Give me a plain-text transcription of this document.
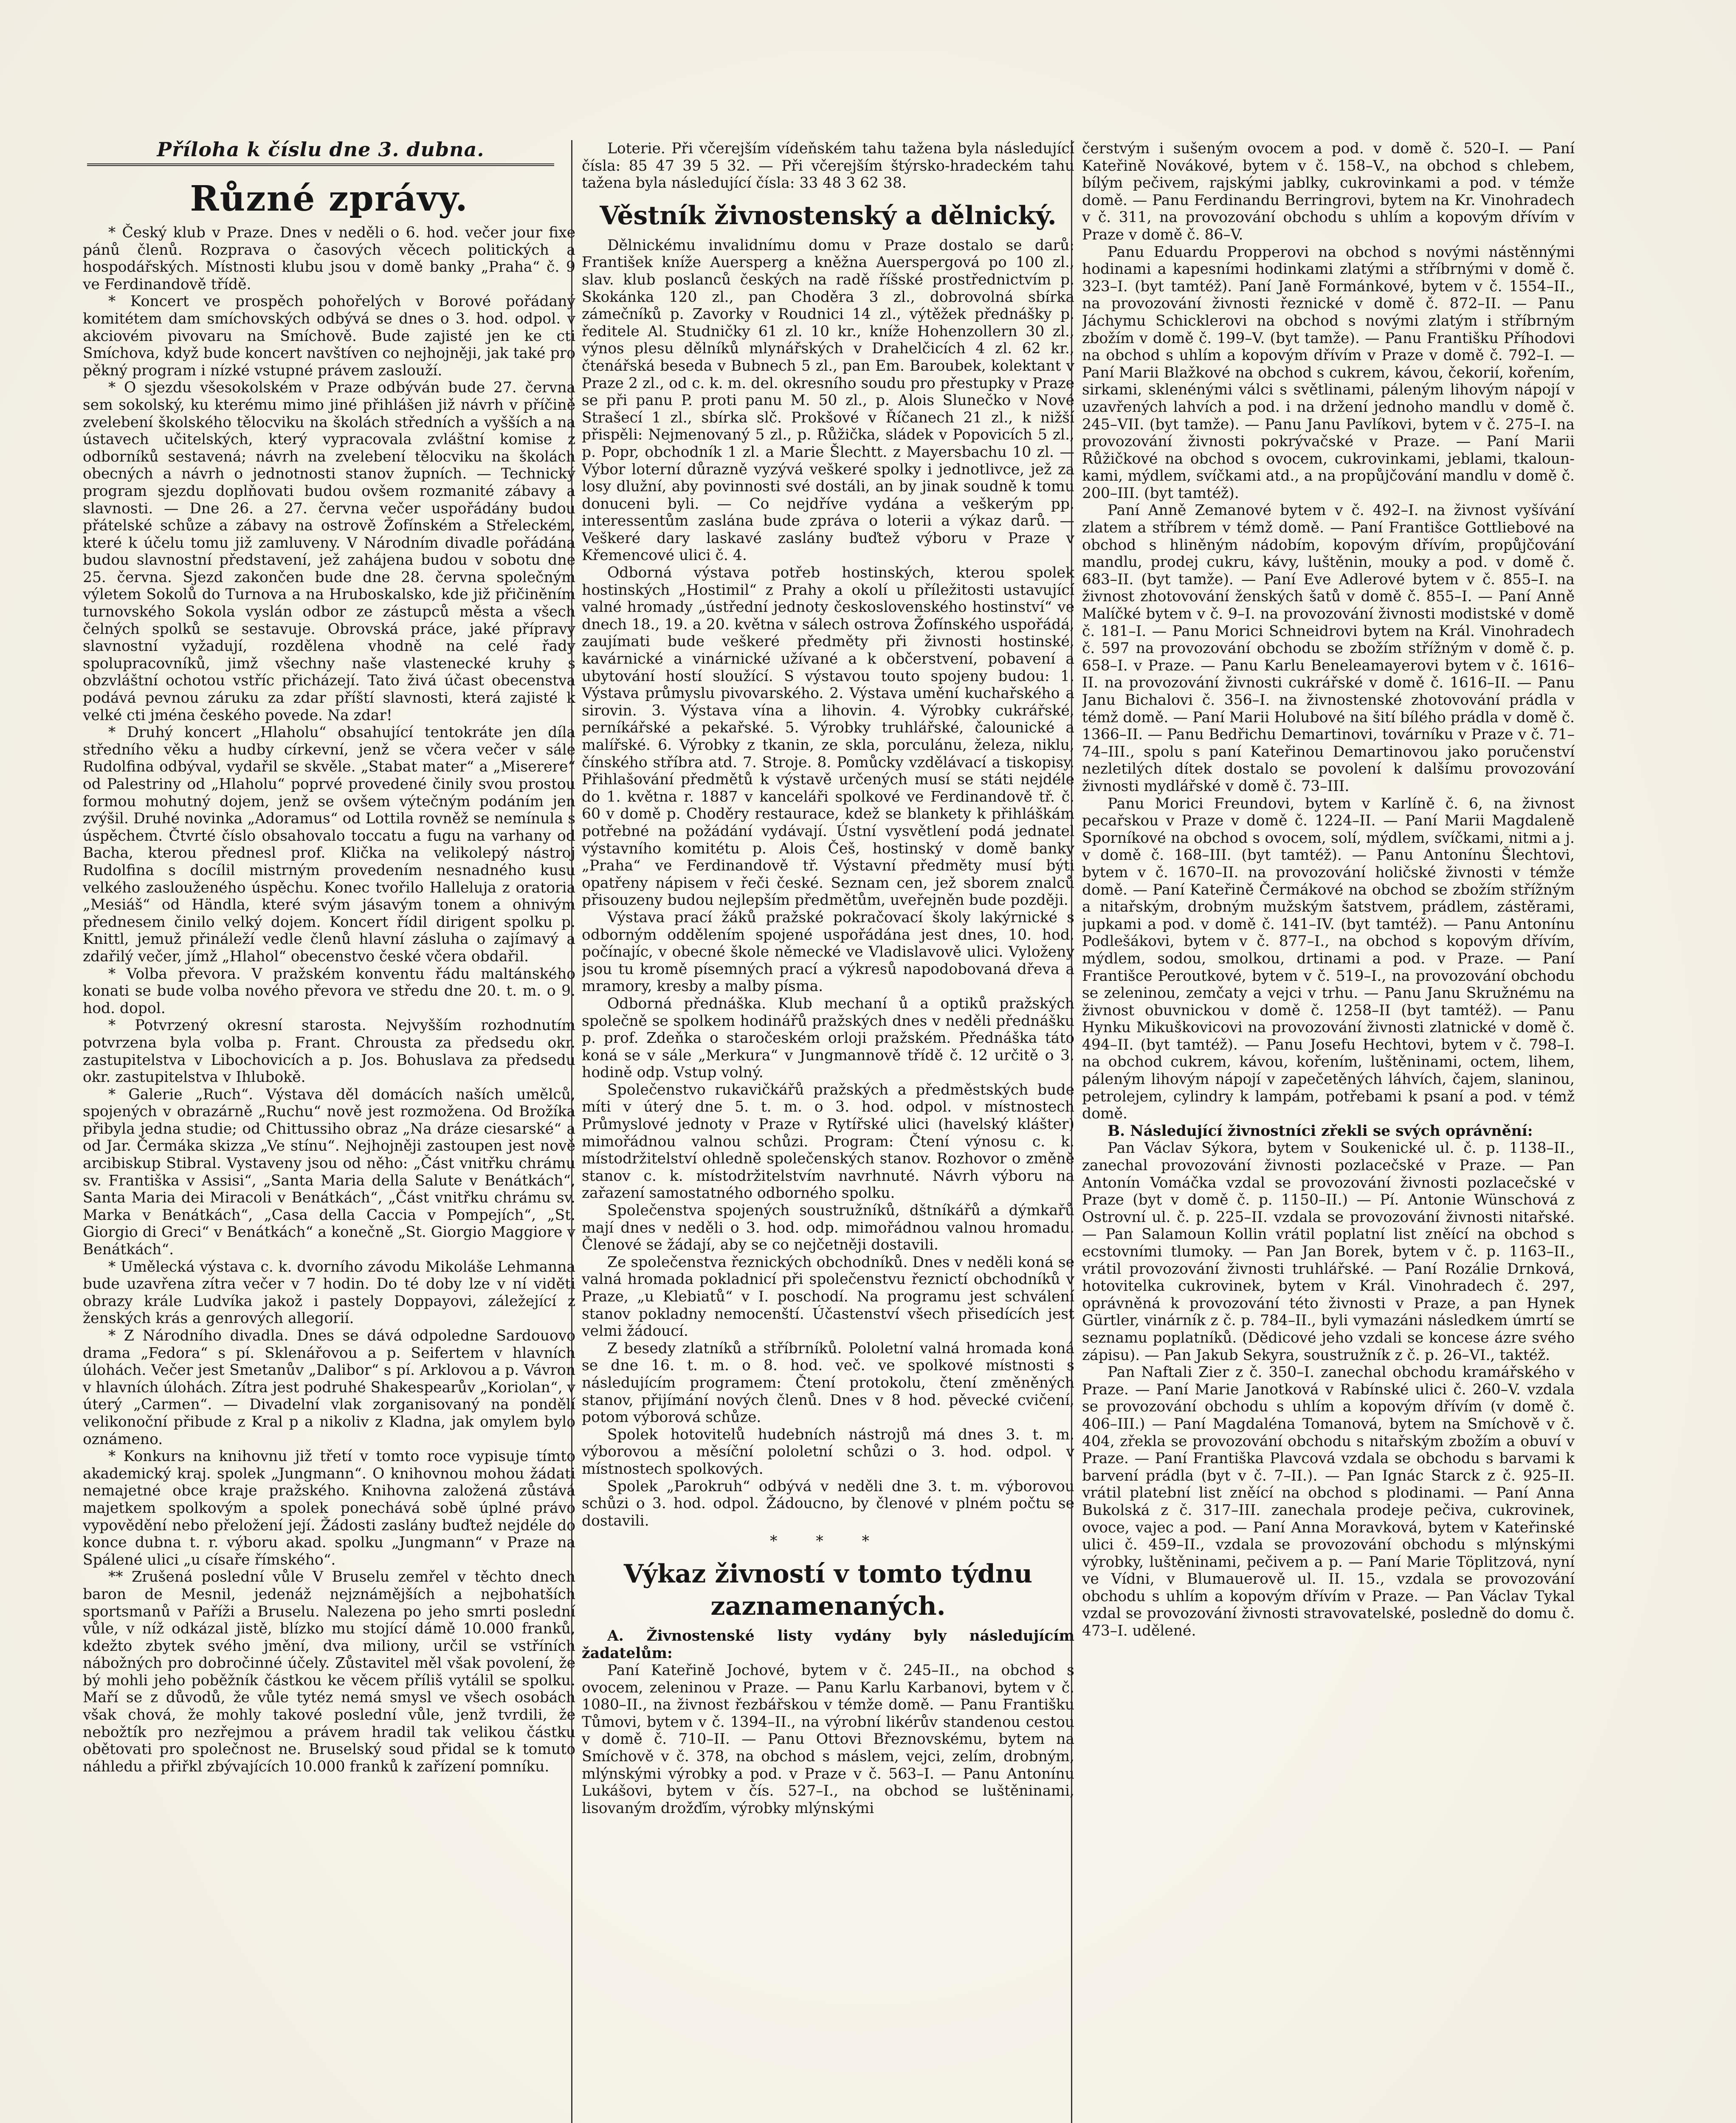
Příloha k číslu dne 3. dubna.
Různé zprávy.

* Český klub v Praze. Dnes v neděli o 6. hod. večer jour fixe pánů členů. Rozprava o časových věcech politických a hospodářských. Místnosti klubu jsou v domě banky „Praha“ č. 9 ve Ferdinandově třídě.

* Koncert ve prospěch pohořelých v Borové pořádaný komitétem dam smíchovských odbývá se dnes o 3. hod. odpol. v akciovém pivovaru na Smíchově. Bude zajisté jen ke cti Smíchova, když bude koncert navštíven co nejhojněji, jak také pro pěkný program i nízké vstupné právem zaslouží.

* O sjezdu všesokolském v Praze odbýván bude 27. června sem sokolský, ku kterému mimo jiné přihlášen již návrh v příčině zvelebení školského tělocviku na školách středních a vyšších a na ústavech učitelských, který vypracovala zvláštní komise z odborníků sestavená; návrh na zvelebení tělocviku na školách obecných a návrh o jednotnosti stanov župních. — Technický program sjezdu doplňovati budou ovšem rozmanité zábavy a slavnosti. — Dne 26. a 27. června večer uspořádány budou přátelské schůze a zábavy na ostrově Žofínském a Střeleckém, které k účelu tomu již zamluveny. V Národním divadle pořádána budou slavnostní představení, jež zahájena budou v sobotu dne 25. června. Sjezd zakončen bude dne 28. června společným výletem Sokolů do Turnova a na Hruboskalsko, kde již přičiněním turnovského Sokola vyslán odbor ze zástupců města a všech čelných spolků se sestavuje. Obrovská práce, jaké přípravy slavnostní vyžadují, rozdělena vhodně na celé řady spolupracovníků, jimž všechny naše vlastenecké kruhy s obzvláštní ochotou vstříc přicházejí. Tato živá účast obecenstva podává pevnou záruku za zdar příští slavnosti, která zajisté k velké cti jména českého povede. Na zdar!

* Druhý koncert „Hlaholu“ obsahující tentokráte jen díla středního věku a hudby církevní, jenž se včera večer v sále Rudolfina odbýval, vydařil se skvěle. „Stabat mater“ a „Miserere“ od Palestriny od „Hlaholu“ poprvé provedené činily svou prostou formou mohutný dojem, jenž se ovšem výtečným podáním jen zvýšil. Druhé novinka „Adoramus“ od Lottila rovněž se nemínula s úspěchem. Čtvrté číslo obsahovalo toccatu a fugu na varhany od Bacha, kterou přednesl prof. Klička na velikolepý nástroj Rudolfina s docílil mistrným provedením nesnadného kusu velkého zaslouženého úspěchu. Konec tvořilo Halleluja z oratoria „Mesiáš“ od Händla, které svým jásavým tonem a ohnivým přednesem činilo velký dojem. Koncert řídil dirigent spolku p. Knittl, jemuž přináleží vedle členů hlavní zásluha o zajímavý a zdařilý večer, jímž „Hlahol“ obecenstvo české včera obdařil.

* Volba převora. V pražském konventu řádu maltánského konati se bude volba nového převora ve středu dne 20. t. m. o 9. hod. dopol.

* Potvrzený okresní starosta. Nejvyšším rozhodnutím potvrzena byla volba p. Frant. Chrousta za předsedu okr. zastupitelstva v Libochovicích a p. Jos. Bohuslava za předsedu okr. zastupitelstva v Ihlubokě.

* Galerie „Ruch“. Výstava děl domácích naších umělců, spojených v obrazárně „Ruchu“ nově jest rozmožena. Od Brožíka přibyla jedna studie; od Chittussiho obraz „Na dráze ciesarské“ a od Jar. Čermáka skizza „Ve stínu“. Nejhojněji zastoupen jest nově arcibiskup Stibral. Vystaveny jsou od něho: „Část vnitřku chrámu sv. Františka v Assisi“, „Santa Maria della Salute v Benátkách“, Santa Maria dei Miracoli v Benátkách“, „Část vnitřku chrámu sv. Marka v Benátkách“, „Casa della Caccia v Pompejích“, „St. Giorgio di Greci“ v Benátkách“ a konečně „St. Giorgio Maggiore v Benátkách“.

* Umělecká výstava c. k. dvorního závodu Mikoláše Lehmanna bude uzavřena zítra večer v 7 hodin. Do té doby lze v ní viděti obrazy krále Ludvíka jakož i pastely Doppayovi, záležející z ženských krás a genrových allegorií.

* Z Národního divadla. Dnes se dává odpoledne Sardouovo drama „Fedora“ s pí. Sklenářovou a p. Seifertem v hlavních úlohách. Večer jest Smetanův „Dalibor“ s pí. Arklovou a p. Vávron v hlavních úlohách. Zítra jest podruhé Shakespearův „Koriolan“, v úterý „Carmen“. — Divadelní vlak zorganisovaný na pondělí velikonoční přibude z Kral p a nikoliv z Kladna, jak omylem bylo oznámeno.

* Konkurs na knihovnu již třetí v tomto roce vypisuje tímto akademický kraj. spolek „Jungmann“. O knihovnou mohou žádati nemajetné obce kraje pražského. Knihovna založená zůstává majetkem spolkovým a spolek ponechává sobě úplné právo vypovědění nebo přeložení její. Žádosti zaslány buďtež nejdéle do konce dubna t. r. výboru akad. spolku „Jungmann“ v Praze na Spálené ulici „u císaře římského“.

** Zrušená poslední vůle V Bruselu zemřel v těchto dnech baron de Mesnil, jedenáž nejznámějších a nejbohatších sportsmanů v Paříži a Bruselu. Nalezena po jeho smrti poslední vůle, v níž odkázal jistě, blízko mu stojící dámě 10.000 franků, kdežto zbytek svého jmění, dva miliony, určil se vstříních nábožných pro dobročinné účely. Zůstavitel měl však povolení, že bý mohli jeho poběžník částkou ke věcem příliš vytálil se spolku. Maří se z důvodů, že vůle tytéz nemá smysl ve všech osobách však chová, že mohly takové poslední vůle, jenž tvrdili, že nebožtík pro nezřejmou a právem hradil tak velikou částku obětovati pro společnost ne. Bruselský soud přidal se k tomuto náhledu a přiřkl zbývajících 10.000 franků k zařízení pomníku.

Loterie. Při včerejším vídeňském tahu tažena byla následující čísla: 85 47 39 5 32. — Při včerejším štýrsko-hradeckém tahu tažena byla následující čísla: 33 48 3 62 38.

Věstník živnostenský a dělnický.

Dělnickému invalidnímu domu v Praze dostalo se darů: František kníže Auersperg a kněžna Auerspergová po 100 zl., slav. klub poslanců českých na radě říšské prostřednictvím p. Skokánka 120 zl., pan Choděra 3 zl., dobrovolná sbírka zámečníků p. Zavorky v Roudnici 14 zl., výtěžek přednášky p. ředitele Al. Studničky 61 zl. 10 kr., kníže Hohenzollern 30 zl., výnos plesu dělníků mlynářských v Drahelčicích 4 zl. 62 kr., čtenářská beseda v Bubnech 5 zl., pan Em. Baroubek, kolektant v Praze 2 zl., od c. k. m. del. okresního soudu pro přestupky v Praze se při panu P. proti panu M. 50 zl., p. Alois Slunečko v Nové Strašecí 1 zl., sbírka slč. Prokšové v Říčanech 21 zl., k nižší přispěli: Nejmenovaný 5 zl., p. Růžička, sládek v Popovicích 5 zl., p. Popr, obchodník 1 zl. a Marie Šlechtt. z Mayersbachu 10 zl. — Výbor loterní důrazně vyzývá veškeré spolky i jednotlivce, jež za losy dlužní, aby povinnosti své dostáli, an by jinak soudně k tomu donuceni byli. — Co nejdříve vydána a veškerým pp. interessentům zaslána bude zpráva o loterii a výkaz darů. — Veškeré dary laskavé zaslány buďtež výboru v Praze v Křemencové ulici č. 4.

Odborná výstava potřeb hostinských, kterou spolek hostinských „Hostimil“ z Prahy a okolí u příležitosti ustavující valné hromady „ústřední jednoty československého hostinství“ ve dnech 18., 19. a 20. května v sálech ostrova Žofínského uspořádá, zaujímati bude veškeré předměty při živnosti hostinské, kavárnické a vinárnické užívané a k občerstvení, pobavení a ubytování hostí sloužící. S výstavou touto spojeny budou: 1. Výstava průmyslu pivovarského. 2. Výstava umění kuchařského a sirovin. 3. Výstava vína a lihovin. 4. Výrobky cukrářské, perníkářské a pekařské. 5. Výrobky truhlářské, čalounické a malířské. 6. Výrobky z tkanin, ze skla, porculánu, železa, niklu, čínského stříbra atd. 7. Stroje. 8. Pomůcky vzdělávací a tiskopisy. Přihlašování předmětů k výstavě určených musí se státi nejdéle do 1. května r. 1887 v kanceláři spolkové ve Ferdinandově tř. č. 60 v domě p. Choděry restaurace, kdež se blankety k přihláškám potřebné na požádání vydávají. Ústní vysvětlení podá jednatel výstavního komitétu p. Alois Češ, hostinský v domě banky „Praha“ ve Ferdinandově tř. Výstavní předměty musí býti opatřeny nápisem v řeči české. Seznam cen, jež sborem znalců přisouzeny budou nejlepším předmětům, uveřejněn bude později.

Výstava prací žáků pražské pokračovací školy lakýrnické s odborným oddělením spojené uspořádána jest dnes, 10. hod. počínajíc, v obecné škole německé ve Vladislavově ulici. Vyloženy jsou tu kromě písemných prací a výkresů napodobovaná dřeva a mramory, kresby a malby písma.

Odborná přednáška. Klub mechaní ů a optiků pražských společně se spolkem hodinářů pražských dnes v neděli přednášku p. prof. Zdeňka o staročeském orloji pražském. Přednáška táto koná se v sále „Merkura“ v Jungmannově třídě č. 12 určitě o 3. hodině odp. Vstup volný.

Společenstvo rukavičkářů pražských a předměstských bude míti v úterý dne 5. t. m. o 3. hod. odpol. v místnostech Průmyslové jednoty v Praze v Rytířské ulici (havelský klášter) mimořádnou valnou schůzi. Program: Čtení výnosu c. k. místodržitelství ohledně společenských stanov. Rozhovor o změně stanov c. k. místodržitelstvím navrhnuté. Návrh výboru na zařazení samostatného odborného spolku.

Společenstva spojených soustružníků, dštníkářů a dýmkařů mají dnes v neděli o 3. hod. odp. mimořádnou valnou hromadu. Členové se žádají, aby se co nejčetněji dostavili.

Ze společenstva řeznických obchodníků. Dnes v neděli koná se valná hromada pokladnicí při společenstvu řeznictí obchodníků v Praze, „u Klebiatů“ v I. poschodí. Na programu jest schválení stanov pokladny nemocenští. Účastenství všech přisedících jest velmi žádoucí.

Z besedy zlatníků a stříbrníků. Pololetní valná hromada koná se dne 16. t. m. o 8. hod. več. ve spolkové místnosti s následujícím programem: Čtení protokolu, čtení změněných stanov, přijímání nových členů. Dnes v 8 hod. pěvecké cvičení, potom výborová schůze.

Spolek hotovitelů hudebních nástrojů má dnes 3. t. m. výborovou a měsíční pololetní schůzi o 3. hod. odpol. v místnostech spolkových.

Spolek „Parokruh“ odbývá v neděli dne 3. t. m. výborovou schůzi o 3. hod. odpol. Žádoucno, by členové v plném počtu se dostavili.

* * *
Výkaz živností v tomto týdnu zaznamenaných.

A. Živnostenské listy vydány byly následujícím žadatelům:

Paní Kateřině Jochové, bytem v č. 245–II., na obchod s ovocem, zeleninou v Praze. — Panu Karlu Karbanovi, bytem v č. 1080–II., na živnost řezbářskou v témže domě. — Panu Františku Tůmovi, bytem v č. 1394–II., na výrobní likérův standenou cestou v domě č. 710–II. — Panu Ottovi Březnovskému, bytem na Smíchově v č. 378, na obchod s máslem, vejci, zelím, drobným, mlýnskými výrobky a pod. v Praze v č. 563–I. — Panu Antonínu Lukášovi, bytem v čís. 527–I., na obchod se luštěninami, lisovaným drožďím, výrobky mlýnskými

čerstvým i sušeným ovocem a pod. v domě č. 520–I. — Paní Kateřině Novákové, bytem v č. 158–V., na obchod s chlebem, bílým pečivem, rajskými jablky, cukrovinkami a pod. v témže domě. — Panu Ferdinandu Berringrovi, bytem na Kr. Vinohradech v č. 311, na provozování obchodu s uhlím a kopovým dřívím v Praze v domě č. 86–V.

Panu Eduardu Propperovi na obchod s novými nástěnnými hodinami a kapesními hodinkami zlatými a stříbrnými v domě č. 323–I. (byt tamtéž). Paní Janě Formánkové, bytem v č. 1554–II., na provozování živnosti řeznické v domě č. 872–II. — Panu Jáchymu Schicklerovi na obchod s novými zlatým i stříbrným zbožím v domě č. 199–V. (byt tamže). — Panu Františku Příhodovi na obchod s uhlím a kopovým dřívím v Praze v domě č. 792–I. — Paní Marii Blažkové na obchod s cukrem, kávou, čekorií, kořením, sirkami, sklenénými válci s světlinami, páleným lihovým nápojí v uzavřených lahvích a pod. i na držení jednoho mandlu v domě č. 245–VII. (byt tamže). — Panu Janu Pavlíkovi, bytem v č. 275–I. na provozování živnosti pokrývačské v Praze. — Paní Marii Růžičkové na obchod s ovocem, cukrovinkami, jeblami, tkalounkami, mýdlem, svíčkami atd., a na propůjčování mandlu v domě č. 200–III. (byt tamtéž).

Paní Anně Zemanové bytem v č. 492–I. na živnost vyšívání zlatem a stříbrem v témž domě. — Paní Františce Gottliebové na obchod s hliněným nádobím, kopovým dřívím, propůjčování mandlu, prodej cukru, kávy, luštěnin, mouky a pod. v domě č. 683–II. (byt tamže). — Paní Eve Adlerové bytem v č. 855–I. na živnost zhotovování ženských šatů v domě č. 855–I. — Paní Anně Malíčké bytem v č. 9–I. na provozování živnosti modistské v domě č. 181–I. — Panu Morici Schneidrovi bytem na Král. Vinohradech č. 597 na provozování obchodu se zbožím střížným v domě č. p. 658–I. v Praze. — Panu Karlu Beneleamayerovi bytem v č. 1616–II. na provozování živnosti cukrářské v domě č. 1616–II. — Panu Janu Bichalovi č. 356–I. na živnostenské zhotovování prádla v témž domě. — Paní Marii Holubové na šití bílého prádla v domě č. 1366–II. — Panu Bedřichu Demartinovi, továrníku v Praze v č. 71–74–III., spolu s paní Kateřinou Demartinovou jako poručenství nezletilých dítek dostalo se povolení k dalšímu provozování živnosti mydlářské v domě č. 73–III.

Panu Morici Freundovi, bytem v Karlíně č. 6, na živnost pecařskou v Praze v domě č. 1224–II. — Paní Marii Magdaleně Sporníkové na obchod s ovocem, solí, mýdlem, svíčkami, nitmi a j. v domě č. 168–III. (byt tamtéž). — Panu Antonínu Šlechtovi, bytem v č. 1670–II. na provozování holičské živnosti v témže domě. — Paní Kateřině Čermákové na obchod se zbožím střížným a nitařským, drobným mužským šatstvem, prádlem, zástěrami, jupkami a pod. v domě č. 141–IV. (byt tamtéž). — Panu Antonínu Podlešákovi, bytem v č. 877–I., na obchod s kopovým dřívím, mýdlem, sodou, smolkou, drtinami a pod. v Praze. — Paní Františce Peroutkové, bytem v č. 519–I., na provozování obchodu se zeleninou, zemčaty a vejci v trhu. — Panu Janu Skružnému na živnost obuvnickou v domě č. 1258–II (byt tamtéž). — Panu Hynku Mikuškovicovi na provozování živnosti zlatnické v domě č. 494–II. (byt tamtéž). — Panu Josefu Hechtovi, bytem v č. 798–I. na obchod cukrem, kávou, kořením, luštěninami, octem, lihem, páleným lihovým nápojí v zapečetěných láhvích, čajem, slaninou, petrolejem, cylindry k lampám, potřebami k psaní a pod. v témž domě.

B. Následující živnostníci zřekli se svých oprávnění:

Pan Václav Sýkora, bytem v Soukenické ul. č. p. 1138–II., zanechal provozování živnosti pozlacečské v Praze. — Pan Antonín Vomáčka vzdal se provozování živnosti pozlacečské v Praze (byt v domě č. p. 1150–II.) — Pí. Antonie Wünschová z Ostrovní ul. č. p. 225–II. vzdala se provozování živnosti nitařské. — Pan Salamoun Kollin vrátil poplatní list zněící na obchod s ecstovními tlumoky. — Pan Jan Borek, bytem v č. p. 1163–II., vrátil provozování živnosti truhlářské. — Paní Rozálie Drnková, hotovitelka cukrovinek, bytem v Král. Vinohradech č. 297, oprávněná k provozování této živnosti v Praze, a pan Hynek Gürtler, vinárník z č. p. 784–II., byli vymazáni následkem úmrtí se seznamu poplatníků. (Dědicové jeho vzdali se koncese ázre svého zápisu). — Pan Jakub Sekyra, soustružník z č. p. 26–VI., taktéž.

Pan Naftali Zier z č. 350–I. zanechal obchodu kramářského v Praze. — Paní Marie Janotková v Rabínské ulici č. 260–V. vzdala se provozování obchodu s uhlím a kopovým dřívím (v domě č. 406–III.) — Paní Magdaléna Tomanová, bytem na Smíchově v č. 404, zřekla se provozování obchodu s nitařským zbožím a obuví v Praze. — Paní Františka Plavcová vzdala se obchodu s barvami k barvení prádla (byt v č. 7–II.). — Pan Ignác Starck z č. 925–II. vrátil platební list zněící na obchod s plodinami. — Paní Anna Bukolská z č. 317–III. zanechala prodeje pečiva, cukrovinek, ovoce, vajec a pod. — Paní Anna Moravková, bytem v Kateřinské ulici č. 459–II., vzdala se provozování obchodu s mlýnskými výrobky, luštěninami, pečivem a p. — Paní Marie Töplitzová, nyní ve Vídni, v Blumauerově ul. II. 15., vzdala se provozování obchodu s uhlím a kopovým dřívím v Praze. — Pan Václav Tykal vzdal se provozování živnosti stravovatelské, posledně do domu č. 473–I. udělené.
